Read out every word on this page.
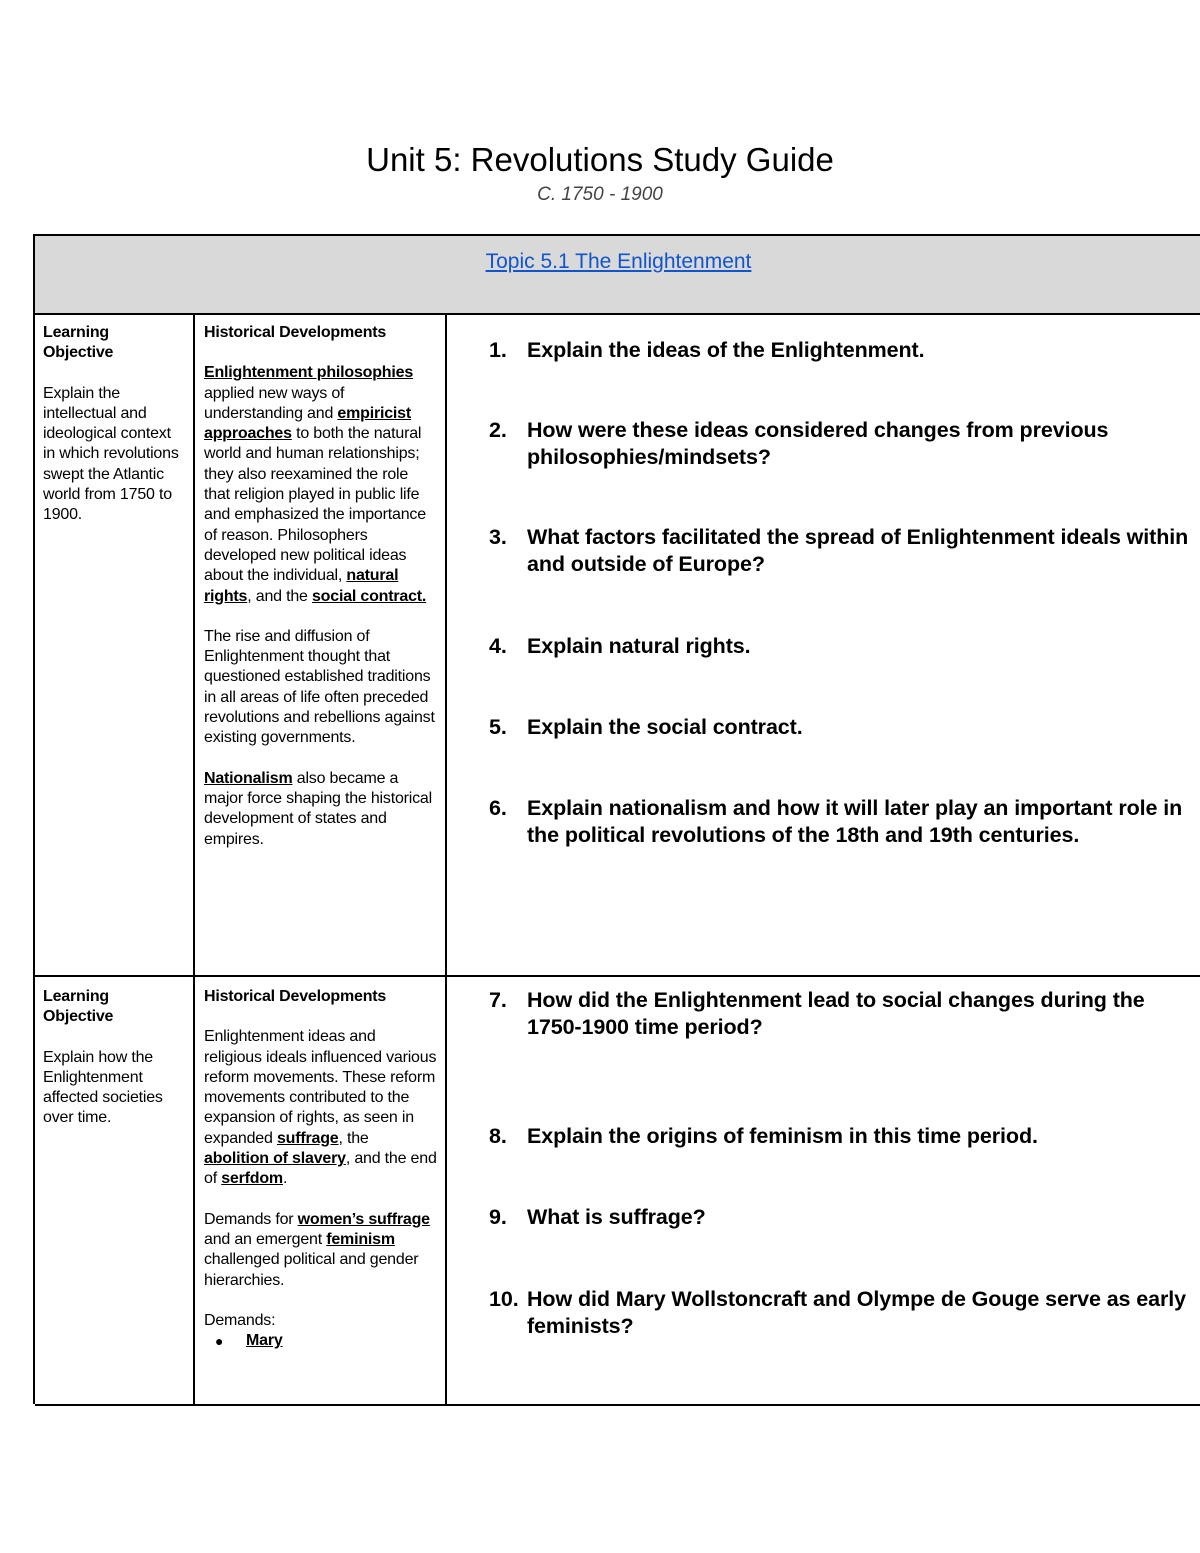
Unit 5: Revolutions Study Guide
C. 1750 - 1900
Topic 5.1 The Enlightenment
Learning
Objective
Explain the intellectual and ideological context in which revolutions swept the Atlantic world from 1750 to 1900.
Historical Developments
Enlightenment philosophies applied new ways of understanding and empiricist approaches to both the natural world and human relationships; they also reexamined the role that religion played in public life and emphasized the importance of reason. Philosophers developed new political ideas about the individual, natural rights, and the social contract.
The rise and diffusion of Enlightenment thought that questioned established traditions in all areas of life often preceded revolutions and rebellions against existing governments.
Nationalism also became a major force shaping the historical development of states and empires.
1. Explain the ideas of the Enlightenment.
2. How were these ideas considered changes from previous philosophies/mindsets?
3. What factors facilitated the spread of Enlightenment ideals within and outside of Europe?
4. Explain natural rights.
5. Explain the social contract.
6. Explain nationalism and how it will later play an important role in the political revolutions of the 18th and 19th centuries.
Learning
Objective
Explain how the Enlightenment affected societies over time.
Historical Developments
Enlightenment ideas and religious ideals influenced various reform movements. These reform movements contributed to the expansion of rights, as seen in expanded suffrage, the abolition of slavery, and the end of serfdom.
Demands for women’s suffrage and an emergent feminism challenged political and gender hierarchies.
Demands:
● Mary
7. How did the Enlightenment lead to social changes during the 1750-1900 time period?
8. Explain the origins of feminism in this time period.
9. What is suffrage?
10. How did Mary Wollstoncraft and Olympe de Gouge serve as early feminists?
